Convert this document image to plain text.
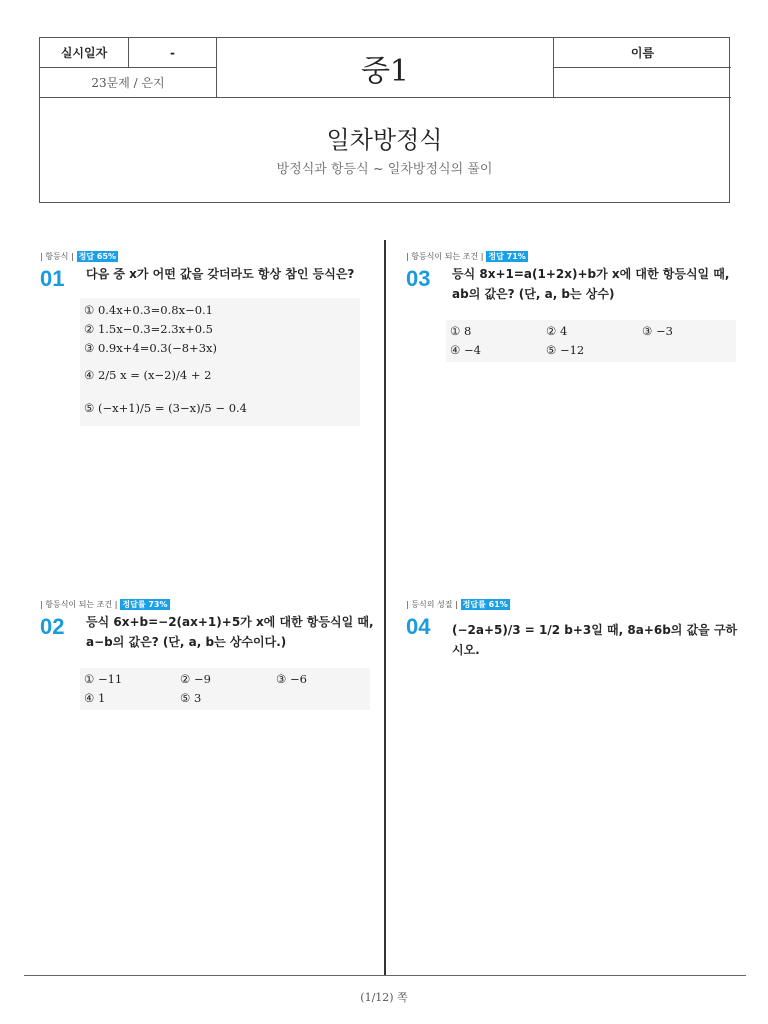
실시일자	-
23문제 / 은지	중1
이름
일차방정식
방정식과 항등식 ~ 일차방정식의 풀이
| 항등식 | 정답 65%
01 다음 중 x가 어떤 값을 갖더라도 항상 참인 등식은?
① 0.4x+0.3=0.8x−0.1
② 1.5x−0.3=2.3x+0.5
③ 0.9x+4=0.3(−8+3x)
④ 2/5 x = (x−2)/4 + 2
⑤ (−x+1)/5 = (3−x)/5 − 0.4
| 항등식이 되는 조건 | 정답 71%
03 등식 8x+1=a(1+2x)+b가 x에 대한 항등식일 때, ab의 값은? (단, a, b는 상수)
① 8	② 4	③ −3
④ −4	⑤ −12
| 항등식이 되는 조건 | 정답률 73%
02 등식 6x+b=−2(ax+1)+5가 x에 대한 항등식일 때, a−b의 값은? (단, a, b는 상수이다.)
① −11	② −9	③ −6
④ 1	⑤ 3
| 등식의 성질 | 정답률 61%
04 (−2a+5)/3 = 1/2 b+3일 때, 8a+6b의 값을 구하시오.
(1/12) 쪽
